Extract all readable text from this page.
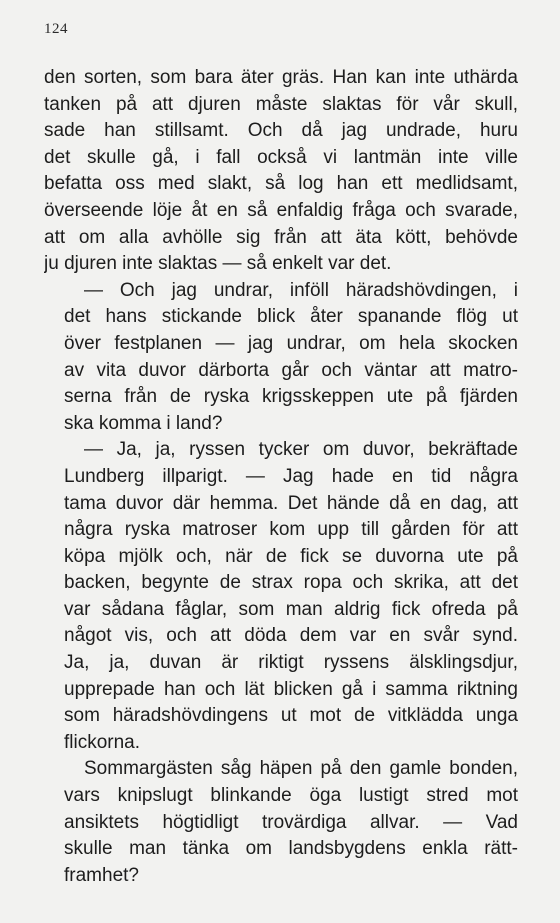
124

den sorten, som bara äter gräs. Han kan inte uthärda
tanken på att djuren måste slaktas för vår skull,
sade han stillsamt. Och då jag undrade, huru
det skulle gå, i fall också vi lantmän inte ville
befatta oss med slakt, så log han ett medlidsamt,
överseende löje åt en så enfaldig fråga och svarade,
att om alla avhölle sig från att äta kött, behövde
ju djuren inte slaktas — så enkelt var det.

— Och jag undrar, inföll häradshövdingen, i
det hans stickande blick åter spanande flög ut
över festplanen — jag undrar, om hela skocken
av vita duvor därborta går och väntar att matro-
serna från de ryska krigsskeppen ute på fjärden
ska komma i land?

— Ja, ja, ryssen tycker om duvor, bekräftade
Lundberg illparigt. — Jag hade en tid några
tama duvor där hemma. Det hände då en dag, att
några ryska matroser kom upp till gården för att
köpa mjölk och, när de fick se duvorna ute på
backen, begynte de strax ropa och skrika, att det
var sådana fåglar, som man aldrig fick ofreda på
något vis, och att döda dem var en svår synd.
Ja, ja, duvan är riktigt ryssens älsklingsdjur,
upprepade han och lät blicken gå i samma riktning
som häradshövdingens ut mot de vitklädda unga
flickorna.

Sommargästen såg häpen på den gamle bonden,
vars knipslugt blinkande öga lustigt stred mot
ansiktets högtidligt trovärdiga allvar. — Vad
skulle man tänka om landsbygdens enkla rätt-
framhet?
